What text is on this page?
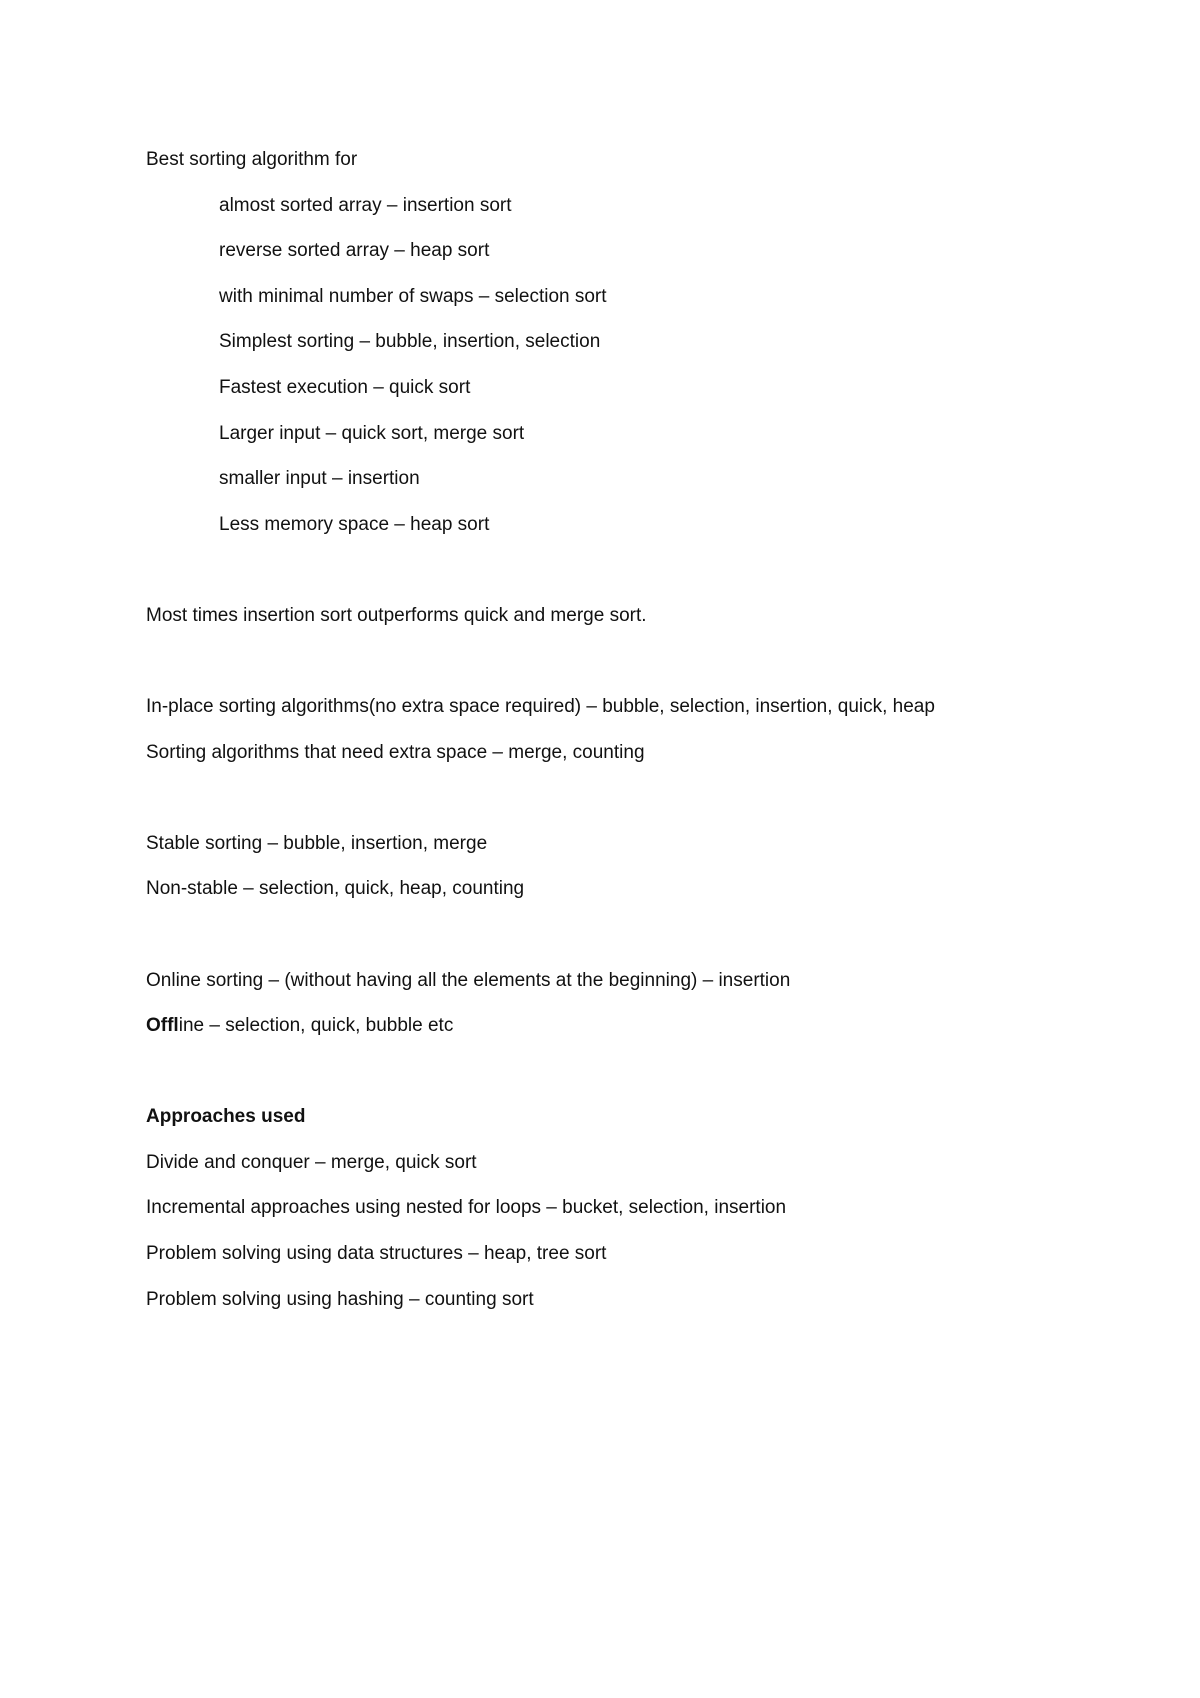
Best sorting algorithm for
almost sorted array – insertion sort
reverse sorted array – heap sort
with minimal number of swaps – selection sort
Simplest sorting – bubble, insertion, selection
Fastest execution – quick sort
Larger input – quick sort, merge sort
smaller input – insertion
Less memory space – heap sort
Most times insertion sort outperforms quick and merge sort.
In-place sorting algorithms(no extra space required) – bubble, selection, insertion, quick, heap
Sorting algorithms that need extra space – merge, counting
Stable sorting – bubble, insertion, merge
Non-stable – selection, quick, heap, counting
Online sorting – (without having all the elements at the beginning) – insertion
Offline – selection, quick, bubble etc
Approaches used
Divide and conquer – merge, quick sort
Incremental approaches using nested for loops – bucket, selection, insertion
Problem solving using data structures – heap, tree sort
Problem solving using hashing – counting sort
